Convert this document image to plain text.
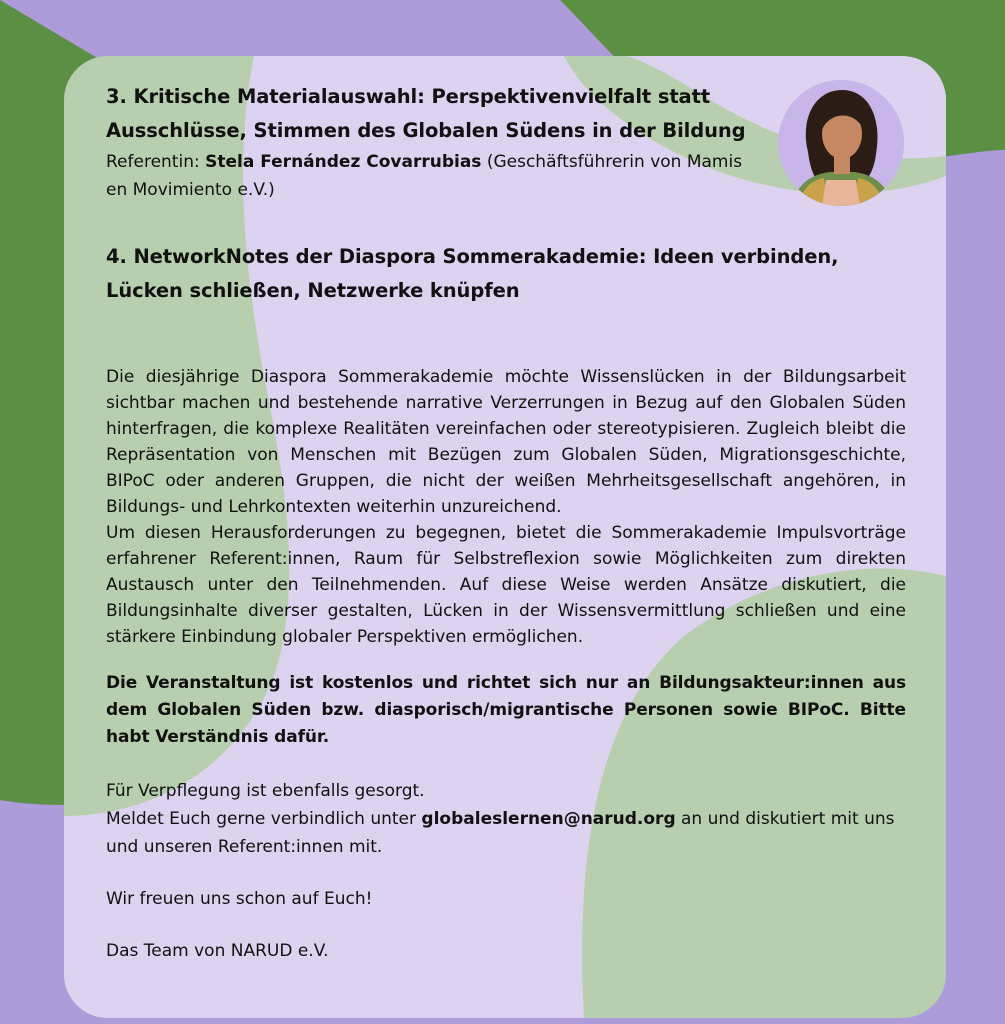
3. Kritische Materialauswahl: Perspektivenvielfalt statt

Ausschlüsse, Stimmen des Globalen Südens in der Bildung

Referentin: Stela Fernández Covarrubias (Geschäftsführerin von Mamis en Movimiento e.V.)

4. NetworkNotes der Diaspora Sommerakademie: Ideen verbinden,

Lücken schließen, Netzwerke knüpfen

Die diesjährige Diaspora Sommerakademie möchte Wissenslücken in der Bildungsarbeit sichtbar machen und bestehende narrative Verzerrungen in Bezug auf den Globalen Süden hinterfragen, die komplexe Realitäten vereinfachen oder stereotypisieren. Zugleich bleibt die Repräsentation von Menschen mit Bezügen zum Globalen Süden, Migrationsgeschichte, BIPoC oder anderen Gruppen, die nicht der weißen Mehrheitsgesellschaft angehören, in Bildungs- und Lehrkontexten weiterhin unzureichend.

Um diesen Herausforderungen zu begegnen, bietet die Sommerakademie Impulsvorträge erfahrener Referent:innen, Raum für Selbstreflexion sowie Möglichkeiten zum direkten Austausch unter den Teilnehmenden. Auf diese Weise werden Ansätze diskutiert, die Bildungsinhalte diverser gestalten, Lücken in der Wissensvermittlung schließen und eine stärkere Einbindung globaler Perspektiven ermöglichen.

Die Veranstaltung ist kostenlos und richtet sich nur an Bildungsakteur:innen aus dem Globalen Süden bzw. diasporisch/migrantische Personen sowie BIPoC. Bitte habt Verständnis dafür.

Für Verpflegung ist ebenfalls gesorgt.

Meldet Euch gerne verbindlich unter globaleslernen@narud.org an und diskutiert mit uns und unseren Referent:innen mit.

Wir freuen uns schon auf Euch!

Das Team von NARUD e.V.
